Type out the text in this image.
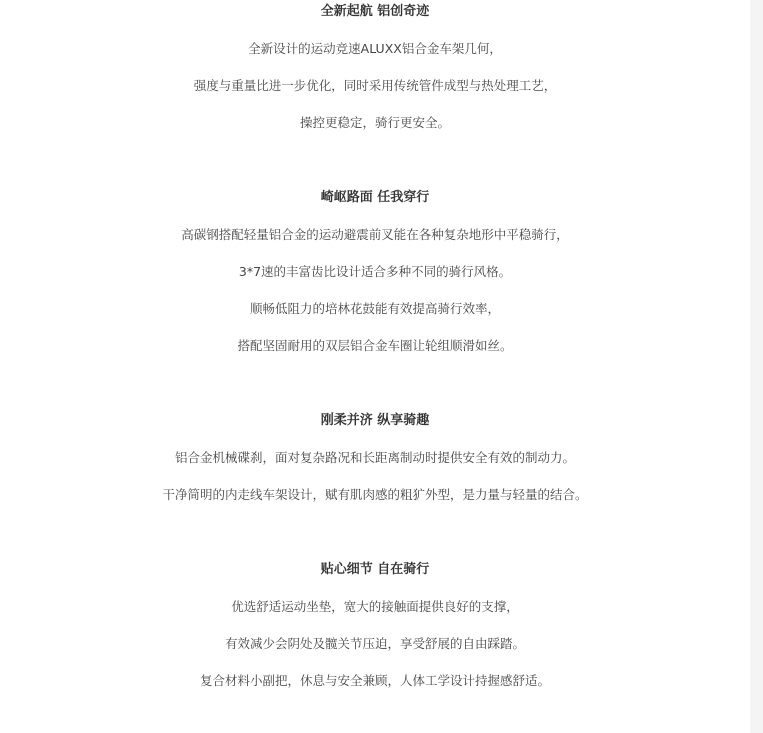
全新起航 铝创奇迹
全新设计的运动竞速ALUXX铝合金车架几何，
强度与重量比进一步优化，同时采用传统管件成型与热处理工艺，
操控更稳定，骑行更安全。
崎岖路面 任我穿行
高碳钢搭配轻量铝合金的运动避震前叉能在各种复杂地形中平稳骑行，
3*7速的丰富齿比设计适合多种不同的骑行风格。
顺畅低阻力的培林花鼓能有效提高骑行效率，
搭配坚固耐用的双层铝合金车圈让轮组顺滑如丝。
刚柔并济 纵享骑趣
铝合金机械碟刹，面对复杂路况和长距离制动时提供安全有效的制动力。
干净简明的内走线车架设计，赋有肌肉感的粗犷外型，是力量与轻量的结合。
贴心细节 自在骑行
优选舒适运动坐垫，宽大的接触面提供良好的支撑，
有效减少会阴处及髋关节压迫，享受舒展的自由踩踏。
复合材料小副把，休息与安全兼顾，人体工学设计持握感舒适。
